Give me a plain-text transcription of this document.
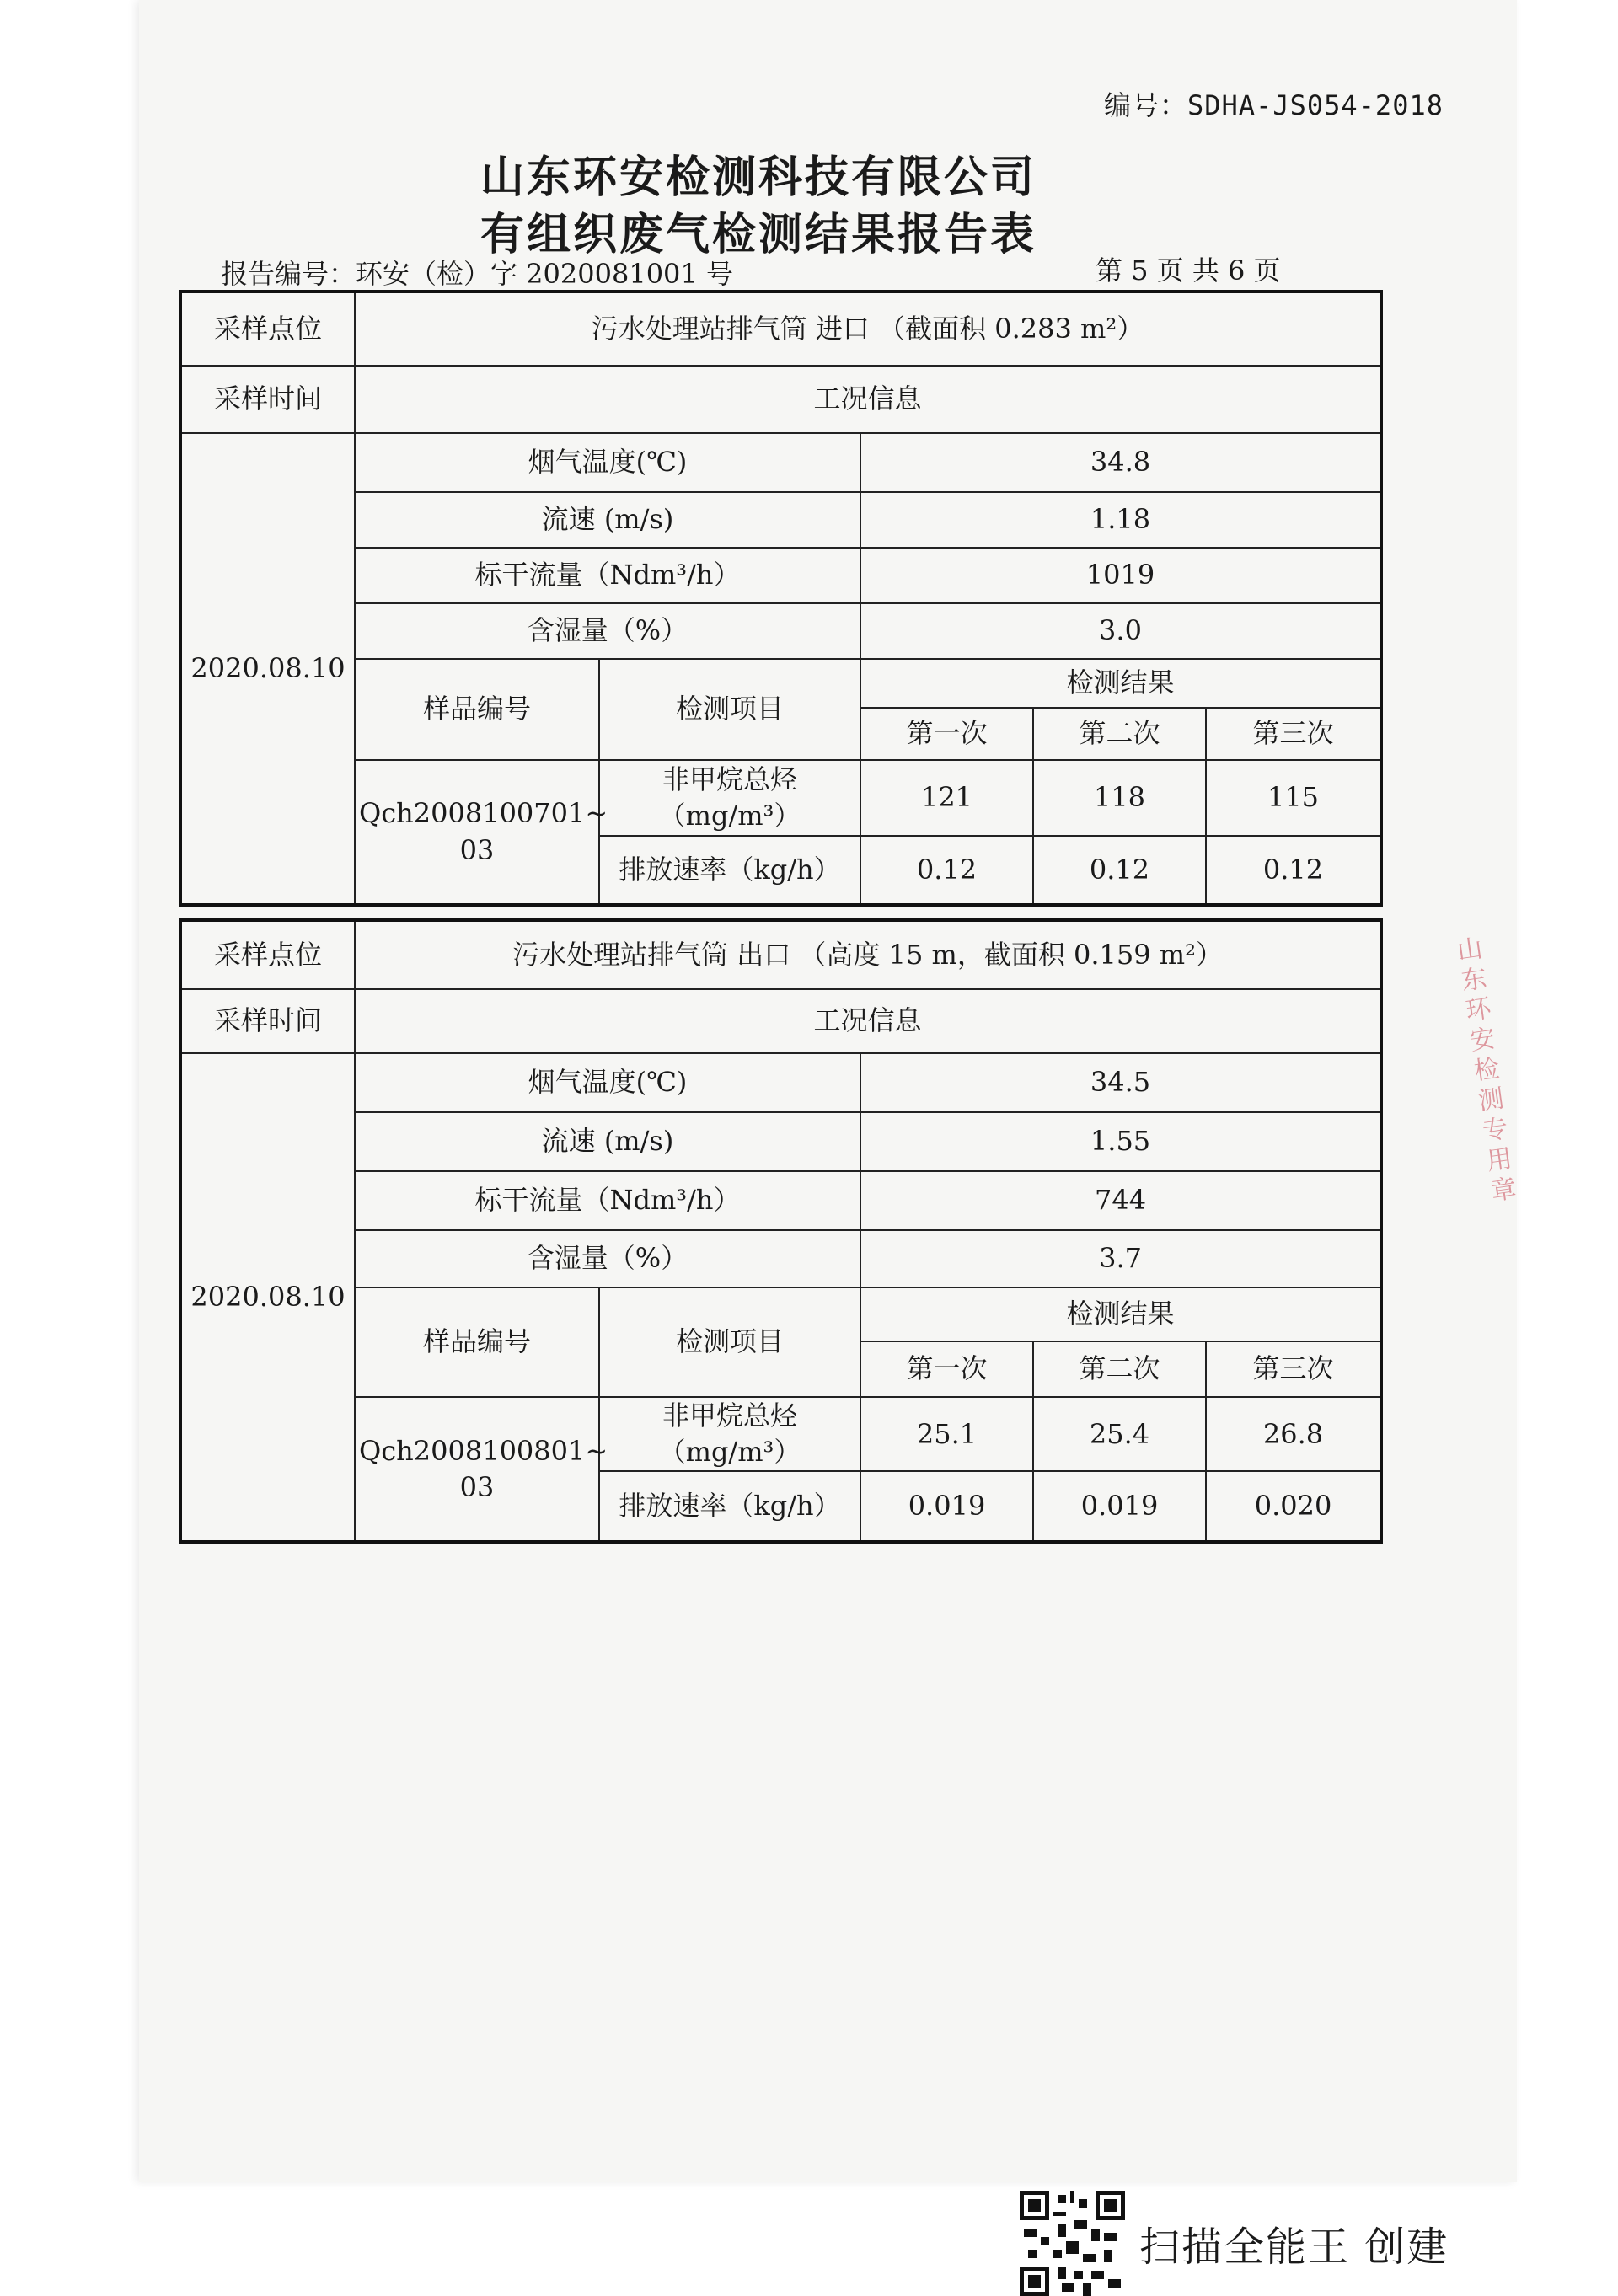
编号：SDHA-JS054-2018
山东环安检测科技有限公司
有组织废气检测结果报告表
报告编号：环安（检）字 2020081001 号	第 5 页 共 6 页
采样点位	污水处理站排气筒 进口 （截面积 0.283 m²）				
采样时间	工况信息				
2020.08.10	烟气温度(℃)		34.8		
	流速 (m/s)		1.18		
	标干流量（Ndm³/h）		1019		
	含湿量（%）		3.0		
	样品编号	检测项目	检测结果		
			第一次	第二次	第三次
	Qch2008100701~ 03	非甲烷总烃（mg/m³）	121	118	115
		排放速率（kg/h）	0.12	0.12	0.12
采样点位	污水处理站排气筒 出口 （高度 15 m，截面积 0.159 m²）				
采样时间	工况信息				
2020.08.10	烟气温度(℃)		34.5		
	流速 (m/s)		1.55		
	标干流量（Ndm³/h）		744		
	含湿量（%）		3.7		
	样品编号	检测项目	检测结果		
			第一次	第二次	第三次
	Qch2008100801~ 03	非甲烷总烃（mg/m³）	25.1	25.4	26.8
		排放速率（kg/h）	0.019	0.019	0.020
山东环安检测专用章
扫描全能王 创建
